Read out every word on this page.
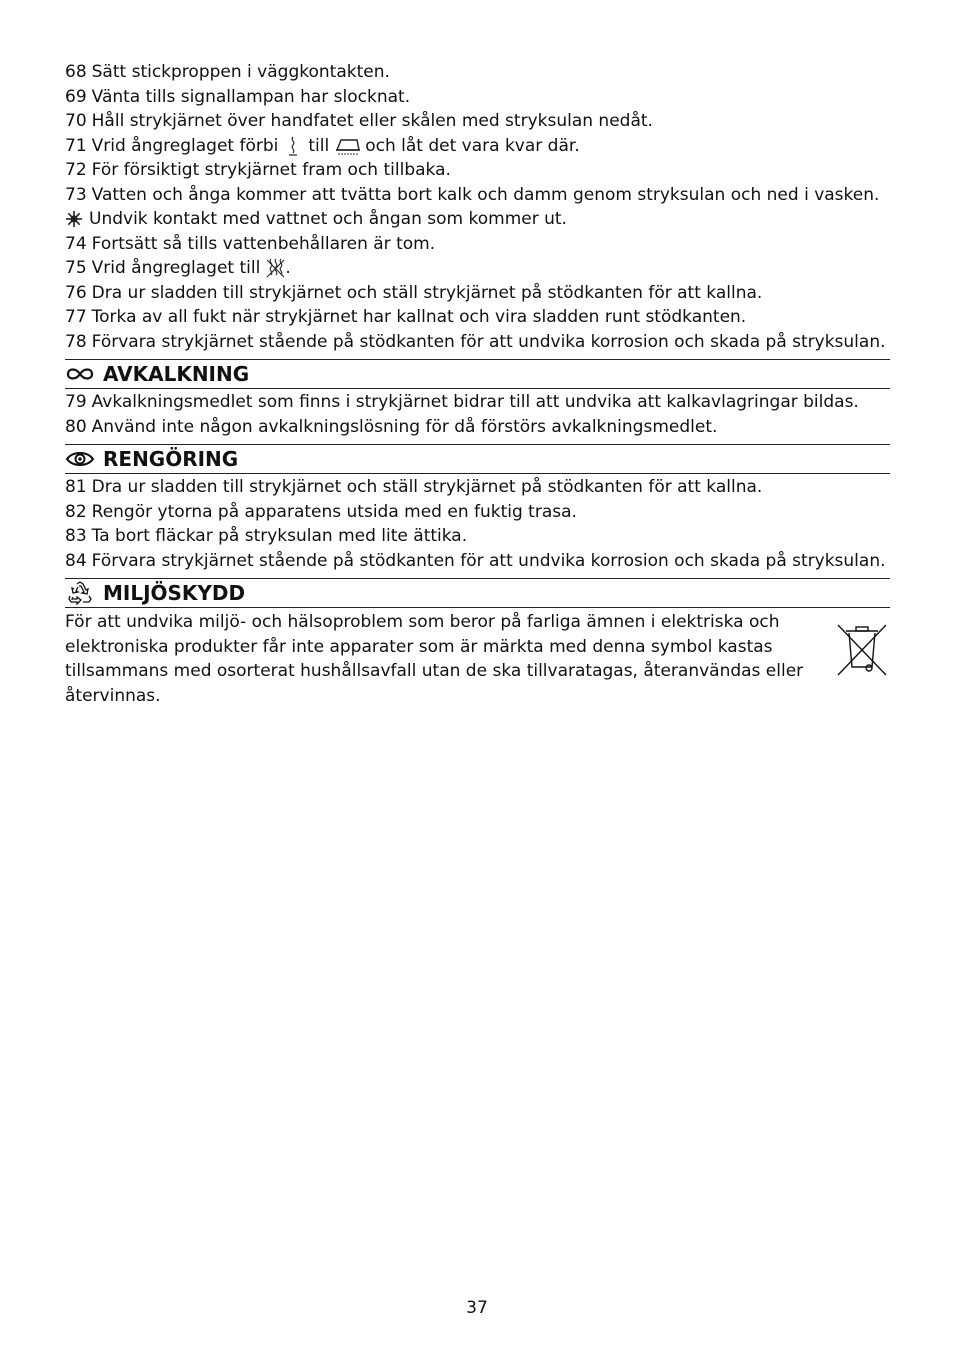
68 Sätt stickproppen i väggkontakten.
69 Vänta tills signallampan har slocknat.
70 Håll strykjärnet över handfatet eller skålen med stryksulan nedåt.
71 Vrid ångreglaget förbi till och låt det vara kvar där.
72 För försiktigt strykjärnet fram och tillbaka.
73 Vatten och ånga kommer att tvätta bort kalk och damm genom stryksulan och ned i vasken.
Undvik kontakt med vattnet och ångan som kommer ut.
74 Fortsätt så tills vattenbehållaren är tom.
75 Vrid ångreglaget till .
76 Dra ur sladden till strykjärnet och ställ strykjärnet på stödkanten för att kallna.
77 Torka av all fukt när strykjärnet har kallnat och vira sladden runt stödkanten.
78 Förvara strykjärnet stående på stödkanten för att undvika korrosion och skada på stryksulan.
AVKALKNING
79 Avkalkningsmedlet som finns i strykjärnet bidrar till att undvika att kalkavlagringar bildas.
80 Använd inte någon avkalkningslösning för då förstörs avkalkningsmedlet.
RENGÖRING
81 Dra ur sladden till strykjärnet och ställ strykjärnet på stödkanten för att kallna.
82 Rengör ytorna på apparatens utsida med en fuktig trasa.
83 Ta bort fläckar på stryksulan med lite ättika.
84 Förvara strykjärnet stående på stödkanten för att undvika korrosion och skada på stryksulan.
MILJÖSKYDD
För att undvika miljö- och hälsoproblem som beror på farliga ämnen i elektriska och elektroniska produkter får inte apparater som är märkta med denna symbol kastas tillsammans med osorterat hushållsavfall utan de ska tillvaratagas, återanvändas eller återvinnas.
37
